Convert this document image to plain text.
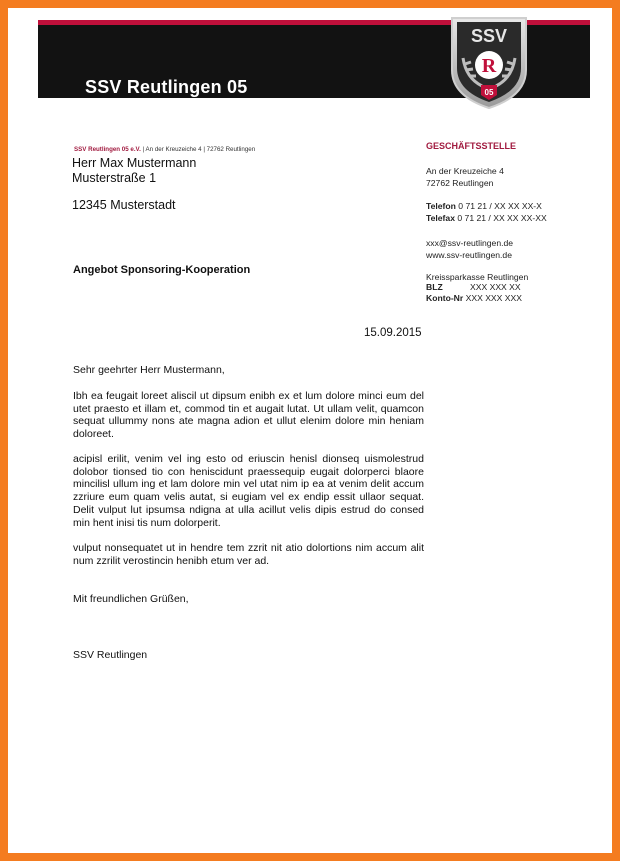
SSV Reutlingen 05
SSV
R
05
SSV Reutlingen 05 e.V. | An der Kreuzeiche 4 | 72762 Reutlingen
Herr Max Mustermann
Musterstraße 1
12345 Musterstadt
Angebot Sponsoring-Kooperation
15.09.2015
Sehr geehrter Herr Mustermann,
Ibh ea feugait loreet aliscil ut dipsum enibh ex et lum dolore minci eum del utet praesto et illam et, commod tin et augait lutat. Ut ullam velit, quamcon sequat ullummy nons ate magna adion et ullut elenim dolore min heniam doloreet.
acipisl erilit, venim vel ing esto od eriuscin henisl dionseq uismolestrud dolobor tionsed tio con heniscidunt praessequip eugait dolorperci blaore mincilisl ullum ing et lam dolore min vel utat nim ip ea at venim delit accum zzriure eum quam velis autat, si eugiam vel ex endip essit ullaor sequat. Delit vulput lut ipsumsa ndigna at ulla acillut velis dipis estrud do consed min hent inisi tis num dolorperit.
vulput nonsequatet ut in hendre tem zzrit nit atio dolortions nim accum alit num zzrilit verostincin henibh etum ver ad.
Mit freundlichen Grüßen,
SSV Reutlingen
GESCHÄFTSSTELLE
An der Kreuzeiche 4
72762 Reutlingen
Telefon 0 71 21 / XX XX XX-X
Telefax 0 71 21 / XX XX XX-XX
xxx@ssv-reutlingen.de
www.ssv-reutlingen.de
Kreissparkasse Reutlingen
BLZ	XXX XXX XX
Konto-Nr XXX XXX XXX
